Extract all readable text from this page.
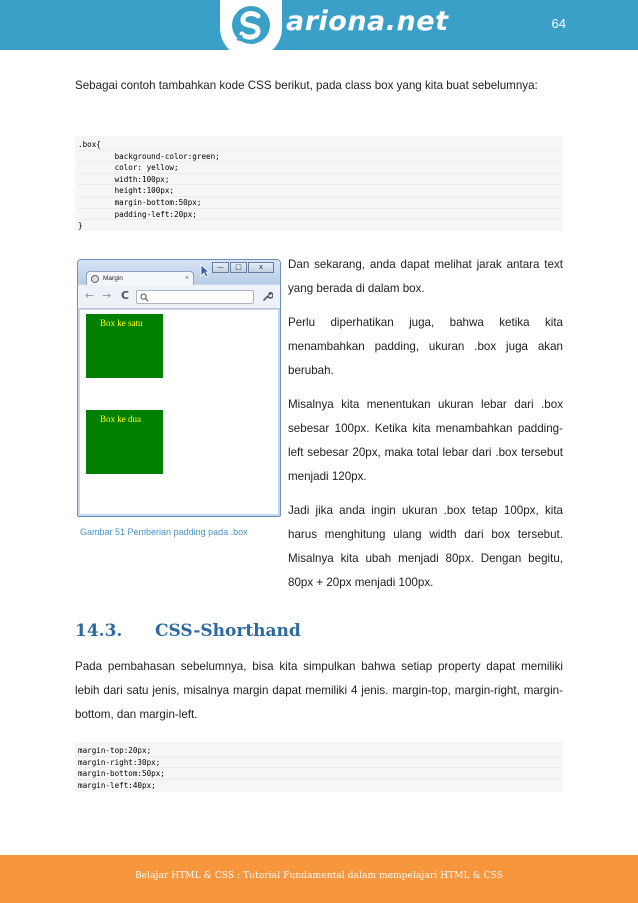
ariona.net	64

Sebagai contoh tambahkan kode CSS berikut, pada class box yang kita buat sebelumnya:

.box{
background-color:green;
color: yellow;
width:100px;
height:100px;
margin-bottom:50px;
padding-left:20px;
}
—	□	x
Margin	×
← → C
Box ke satu
Box ke dua
Gambar 51 Pemberian padding pada .box

Dan sekarang, anda dapat melihat jarak antara text yang berada di dalam box.

Perlu diperhatikan juga, bahwa ketika kita menambahkan padding, ukuran .box juga akan berubah.

Misalnya kita menentukan ukuran lebar dari .box sebesar 100px. Ketika kita menambahkan padding-left sebesar 20px, maka total lebar dari .box tersebut menjadi 120px.

Jadi jika anda ingin ukuran .box tetap 100px, kita harus menghitung ulang width dari box tersebut. Misalnya kita ubah menjadi 80px. Dengan begitu, 80px + 20px menjadi 100px.

14.3. CSS-Shorthand

Pada pembahasan sebelumnya, bisa kita simpulkan bahwa setiap property dapat memiliki lebih dari satu jenis, misalnya margin dapat memiliki 4 jenis. margin-top, margin-right, margin-bottom, dan margin-left.

margin-top:20px;
margin-right:30px;
margin-bottom:50px;
margin-left:40px;
Belajar HTML & CSS : Tutorial Fundamental dalam mempelajari HTML & CSS
